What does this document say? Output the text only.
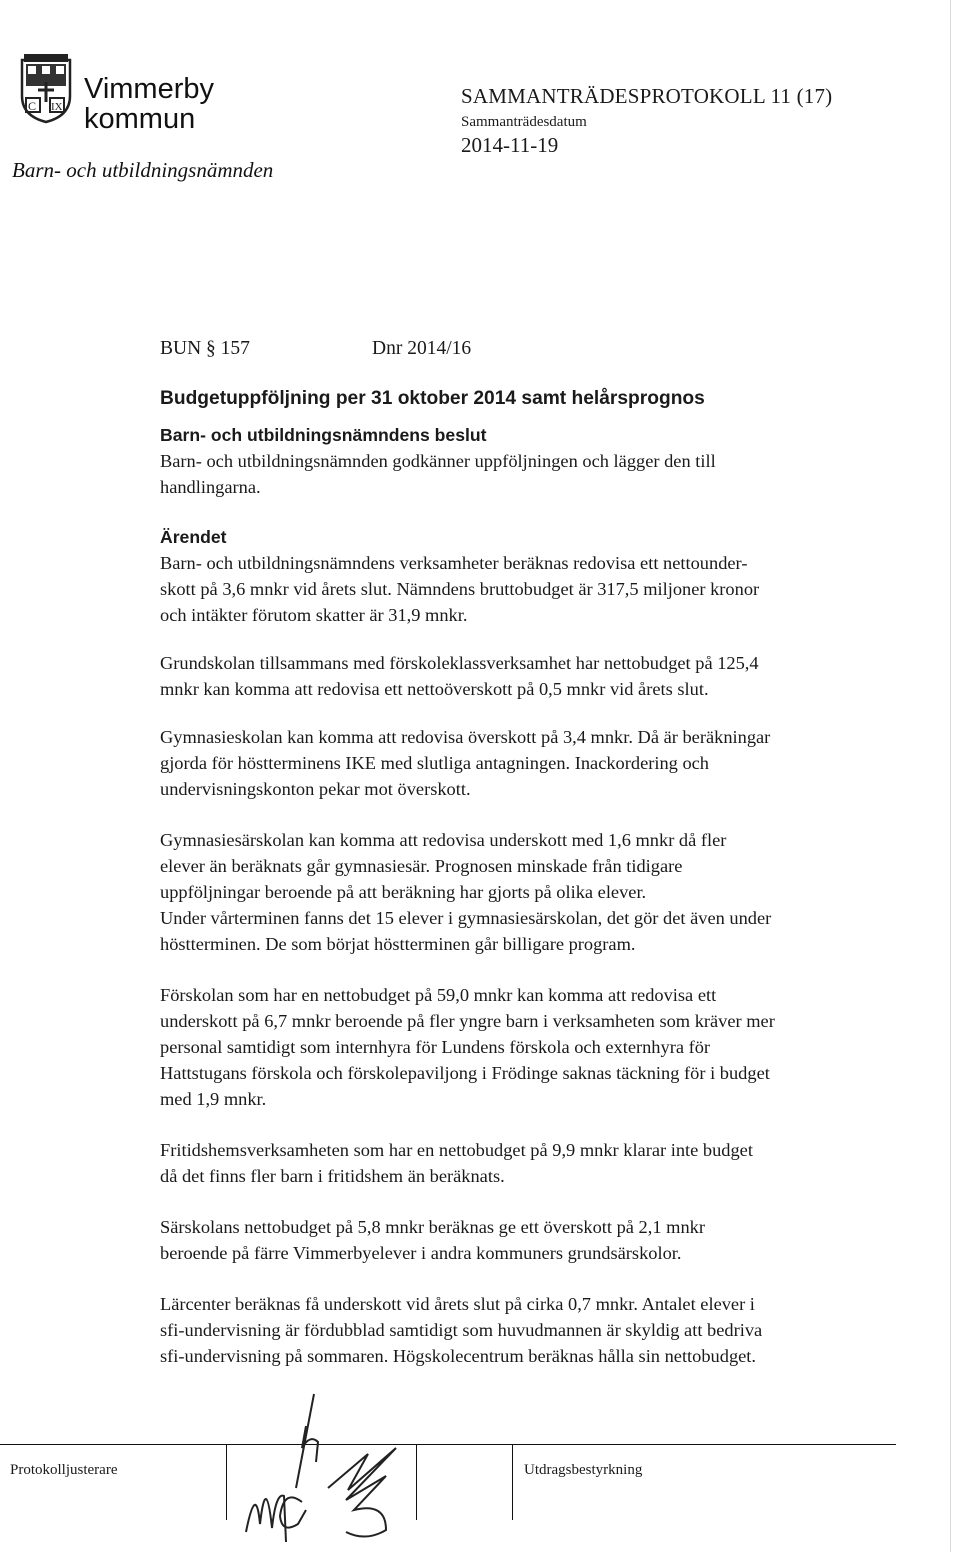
C IX
Vimmerby
kommun
Barn- och utbildningsnämnden
SAMMANTRÄDESPROTOKOLL 11 (17)
Sammanträdesdatum
2014-11-19
BUN § 157	Dnr 2014/16
Budgetuppföljning per 31 oktober 2014 samt helårsprognos
Barn- och utbildningsnämndens beslut
Barn- och utbildningsnämnden godkänner uppföljningen och lägger den till
handlingarna.
Ärendet
Barn- och utbildningsnämndens verksamheter beräknas redovisa ett nettounder-
skott på 3,6 mnkr vid årets slut. Nämndens bruttobudget är 317,5 miljoner kronor
och intäkter förutom skatter är 31,9 mnkr.
Grundskolan tillsammans med förskoleklassverksamhet har nettobudget på 125,4
mnkr kan komma att redovisa ett nettoöverskott på 0,5 mnkr vid årets slut.
Gymnasieskolan kan komma att redovisa överskott på 3,4 mnkr. Då är beräkningar
gjorda för höstterminens IKE med slutliga antagningen. Inackordering och
undervisningskonton pekar mot överskott.
Gymnasiesärskolan kan komma att redovisa underskott med 1,6 mnkr då fler
elever än beräknats går gymnasiesär. Prognosen minskade från tidigare
uppföljningar beroende på att beräkning har gjorts på olika elever.
Under vårterminen fanns det 15 elever i gymnasiesärskolan, det gör det även under
höstterminen. De som börjat höstterminen går billigare program.
Förskolan som har en nettobudget på 59,0 mnkr kan komma att redovisa ett
underskott på 6,7 mnkr beroende på fler yngre barn i verksamheten som kräver mer
personal samtidigt som internhyra för Lundens förskola och externhyra för
Hattstugans förskola och förskolepaviljong i Frödinge saknas täckning för i budget
med 1,9 mnkr.
Fritidshemsverksamheten som har en nettobudget på 9,9 mnkr klarar inte budget
då det finns fler barn i fritidshem än beräknats.
Särskolans nettobudget på 5,8 mnkr beräknas ge ett överskott på 2,1 mnkr
beroende på färre Vimmerbyelever i andra kommuners grundsärskolor.
Lärcenter beräknas få underskott vid årets slut på cirka 0,7 mnkr. Antalet elever i
sfi-undervisning är fördubblad samtidigt som huvudmannen är skyldig att bedriva
sfi-undervisning på sommaren. Högskolecentrum beräknas hålla sin nettobudget.
Protokolljusterare	Utdragsbestyrkning
